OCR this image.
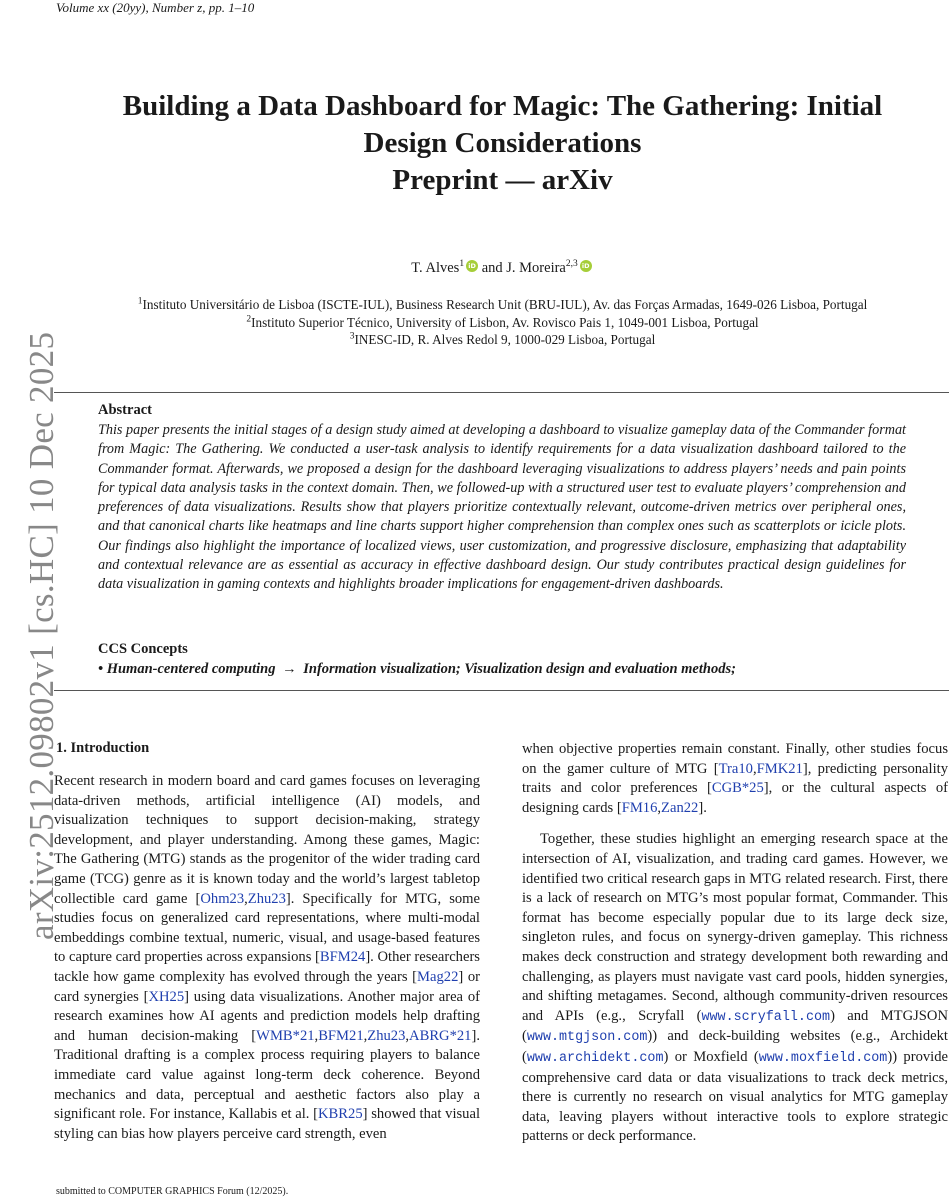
Volume xx (20yy), Number z, pp. 1–10
Building a Data Dashboard for Magic: The Gathering: Initial
Design Considerations
Preprint — arXiv
T. Alves$^1$ iD and J. Moreira$^{2,3}$ iD
$^1$Instituto Universitário de Lisboa (ISCTE-IUL), Business Research Unit (BRU-IUL), Av. das Forças Armadas, 1649-026 Lisboa, Portugal
$^2$Instituto Superior Técnico, University of Lisbon, Av. Rovisco Pais 1, 1049-001 Lisboa, Portugal
$^3$INESC-ID, R. Alves Redol 9, 1000-029 Lisboa, Portugal
Abstract
This paper presents the initial stages of a design study aimed at developing a dashboard to visualize gameplay data of the Commander format from Magic: The Gathering. We conducted a user-task analysis to identify requirements for a data visualization dashboard tailored to the Commander format. Afterwards, we proposed a design for the dashboard leveraging visualizations to address players’ needs and pain points for typical data analysis tasks in the context domain. Then, we followed-up with a structured user test to evaluate players’ comprehension and preferences of data visualizations. Results show that players prioritize contextually relevant, outcome-driven metrics over peripheral ones, and that canonical charts like heatmaps and line charts support higher comprehension than complex ones such as scatterplots or icicle plots. Our findings also highlight the importance of localized views, user customization, and progressive disclosure, emphasizing that adaptability and contextual relevance are as essential as accuracy in effective dashboard design. Our study contributes practical design guidelines for data visualization in gaming contexts and highlights broader implications for engagement-driven dashboards.
CCS Concepts
• Human-centered computing → Information visualization; Visualization design and evaluation methods;
1. Introduction

Recent research in modern board and card games focuses on leveraging data-driven methods, artificial intelligence (AI) models, and visualization techniques to support decision-making, strategy development, and player understanding. Among these games, Magic: The Gathering (MTG) stands as the progenitor of the wider trading card game (TCG) genre as it is known today and the world’s largest tabletop collectible card game [Ohm23,Zhu23]. Specifically for MTG, some studies focus on generalized card representations, where multi-modal embeddings combine textual, numeric, visual, and usage-based features to capture card properties across expansions [BFM24]. Other researchers tackle how game complexity has evolved through the years [Mag22] or card synergies [XH25] using data visualizations. Another major area of research examines how AI agents and prediction models help drafting and human decision-making [WMB*21,BFM21,Zhu23,ABRG*21]. Traditional drafting is a complex process requiring players to balance immediate card value against long-term deck coherence. Beyond mechanics and data, perceptual and aesthetic factors also play a significant role. For instance, Kallabis et al. [KBR25] showed that visual styling can bias how players perceive card strength, even

when objective properties remain constant. Finally, other studies focus on the gamer culture of MTG [Tra10,FMK21], predicting personality traits and color preferences [CGB*25], or the cultural aspects of designing cards [FM16,Zan22].

Together, these studies highlight an emerging research space at the intersection of AI, visualization, and trading card games. However, we identified two critical research gaps in MTG related research. First, there is a lack of research on MTG’s most popular format, Commander. This format has become especially popular due to its large deck size, singleton rules, and focus on synergy-driven gameplay. This richness makes deck construction and strategy development both rewarding and challenging, as players must navigate vast card pools, hidden synergies, and shifting metagames. Second, although community-driven resources and APIs (e.g., Scryfall (www.scryfall.com) and MTGJSON (www.mtgjson.com)) and deck-building websites (e.g., Archidekt (www.archidekt.com) or Moxfield (www.moxfield.com)) provide comprehensive card data or data visualizations to track deck metrics, there is currently no research on visual analytics for MTG gameplay data, leaving players without interactive tools to explore strategic patterns or deck performance.

submitted to COMPUTER GRAPHICS Forum (12/2025).
arXiv:2512.09802v1 [cs.HC] 10 Dec 2025
